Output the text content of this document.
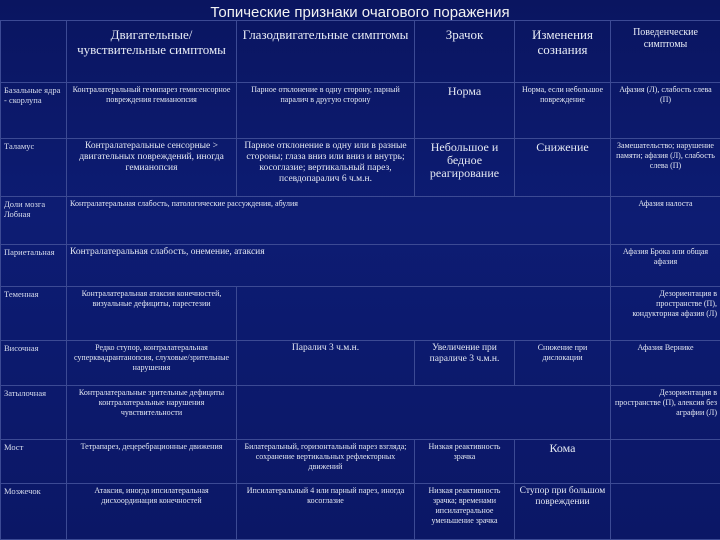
Топические признаки очагового поражения
	Двигательные/ чувствительные симптомы	Глазодвигательные симптомы	Зрачок	Изменения сознания	Поведенческие симптомы
Базальные ядра - скорлупа	Контралатеральный гемипарез гемисенсорное повреждения гемианопсия	Парное отклонение в одну сторону, парный паралич в другую сторону	Норма	Норма, если небольшое повреждение	Афазия (Л), слабость слева (П)
Таламус	Контралатеральные сенсорные > двигательных повреждений, иногда гемианопсия	Парное отклонение в одну или в разные стороны; глаза вниз или вниз и внутрь; косоглазие; вертикальный парез, псевдопаралич 6 ч.м.н.	Небольшое и бедное реагирование	Снижение	Замешательство; нарушение памяти; афазия (Л), слабость слева (П)
Доли мозга Лобная	Контралатеральная слабость, патологические рассуждения, абулия				Афазия налоста
Париетальная	Контралатеральная слабость, онемение, атаксия				Афазия Брока или общая афазия
Теменная	Контралатеральная атаксия конечностей, визуальные дефициты, парестезии				Дезориентация в пространстве (П), кондукторная афазия (Л)
Височная	Редко ступор, контралатеральная суперквадрантанопсия, слуховые/зрительные нарушения	Паралич 3 ч.м.н.	Увеличение при параличе 3 ч.м.н.	Снижение при дислокации	Афазия Вернике
Затылочная	Контралатеральные зрительные дефициты контралатеральные нарушения чувствительности				Дезориентация в пространстве (П), алексия без аграфии (Л)
Мост	Тетрапарез, децеребрационные движения	Билатеральный, горизонтальный парез взгляда; сохранение вертикальных рефлекторных движений	Низкая реактивность зрачка	Кома	
Мозжечок	Атаксия, иногда ипсилатеральная дисхоординация конечностей	Ипсилатеральный 4 или парный парез, иногда косоглазие	Низкая реактивность зрачка; временами ипсилатеральное уменьшение зрачка	Ступор при большом повреждении	
